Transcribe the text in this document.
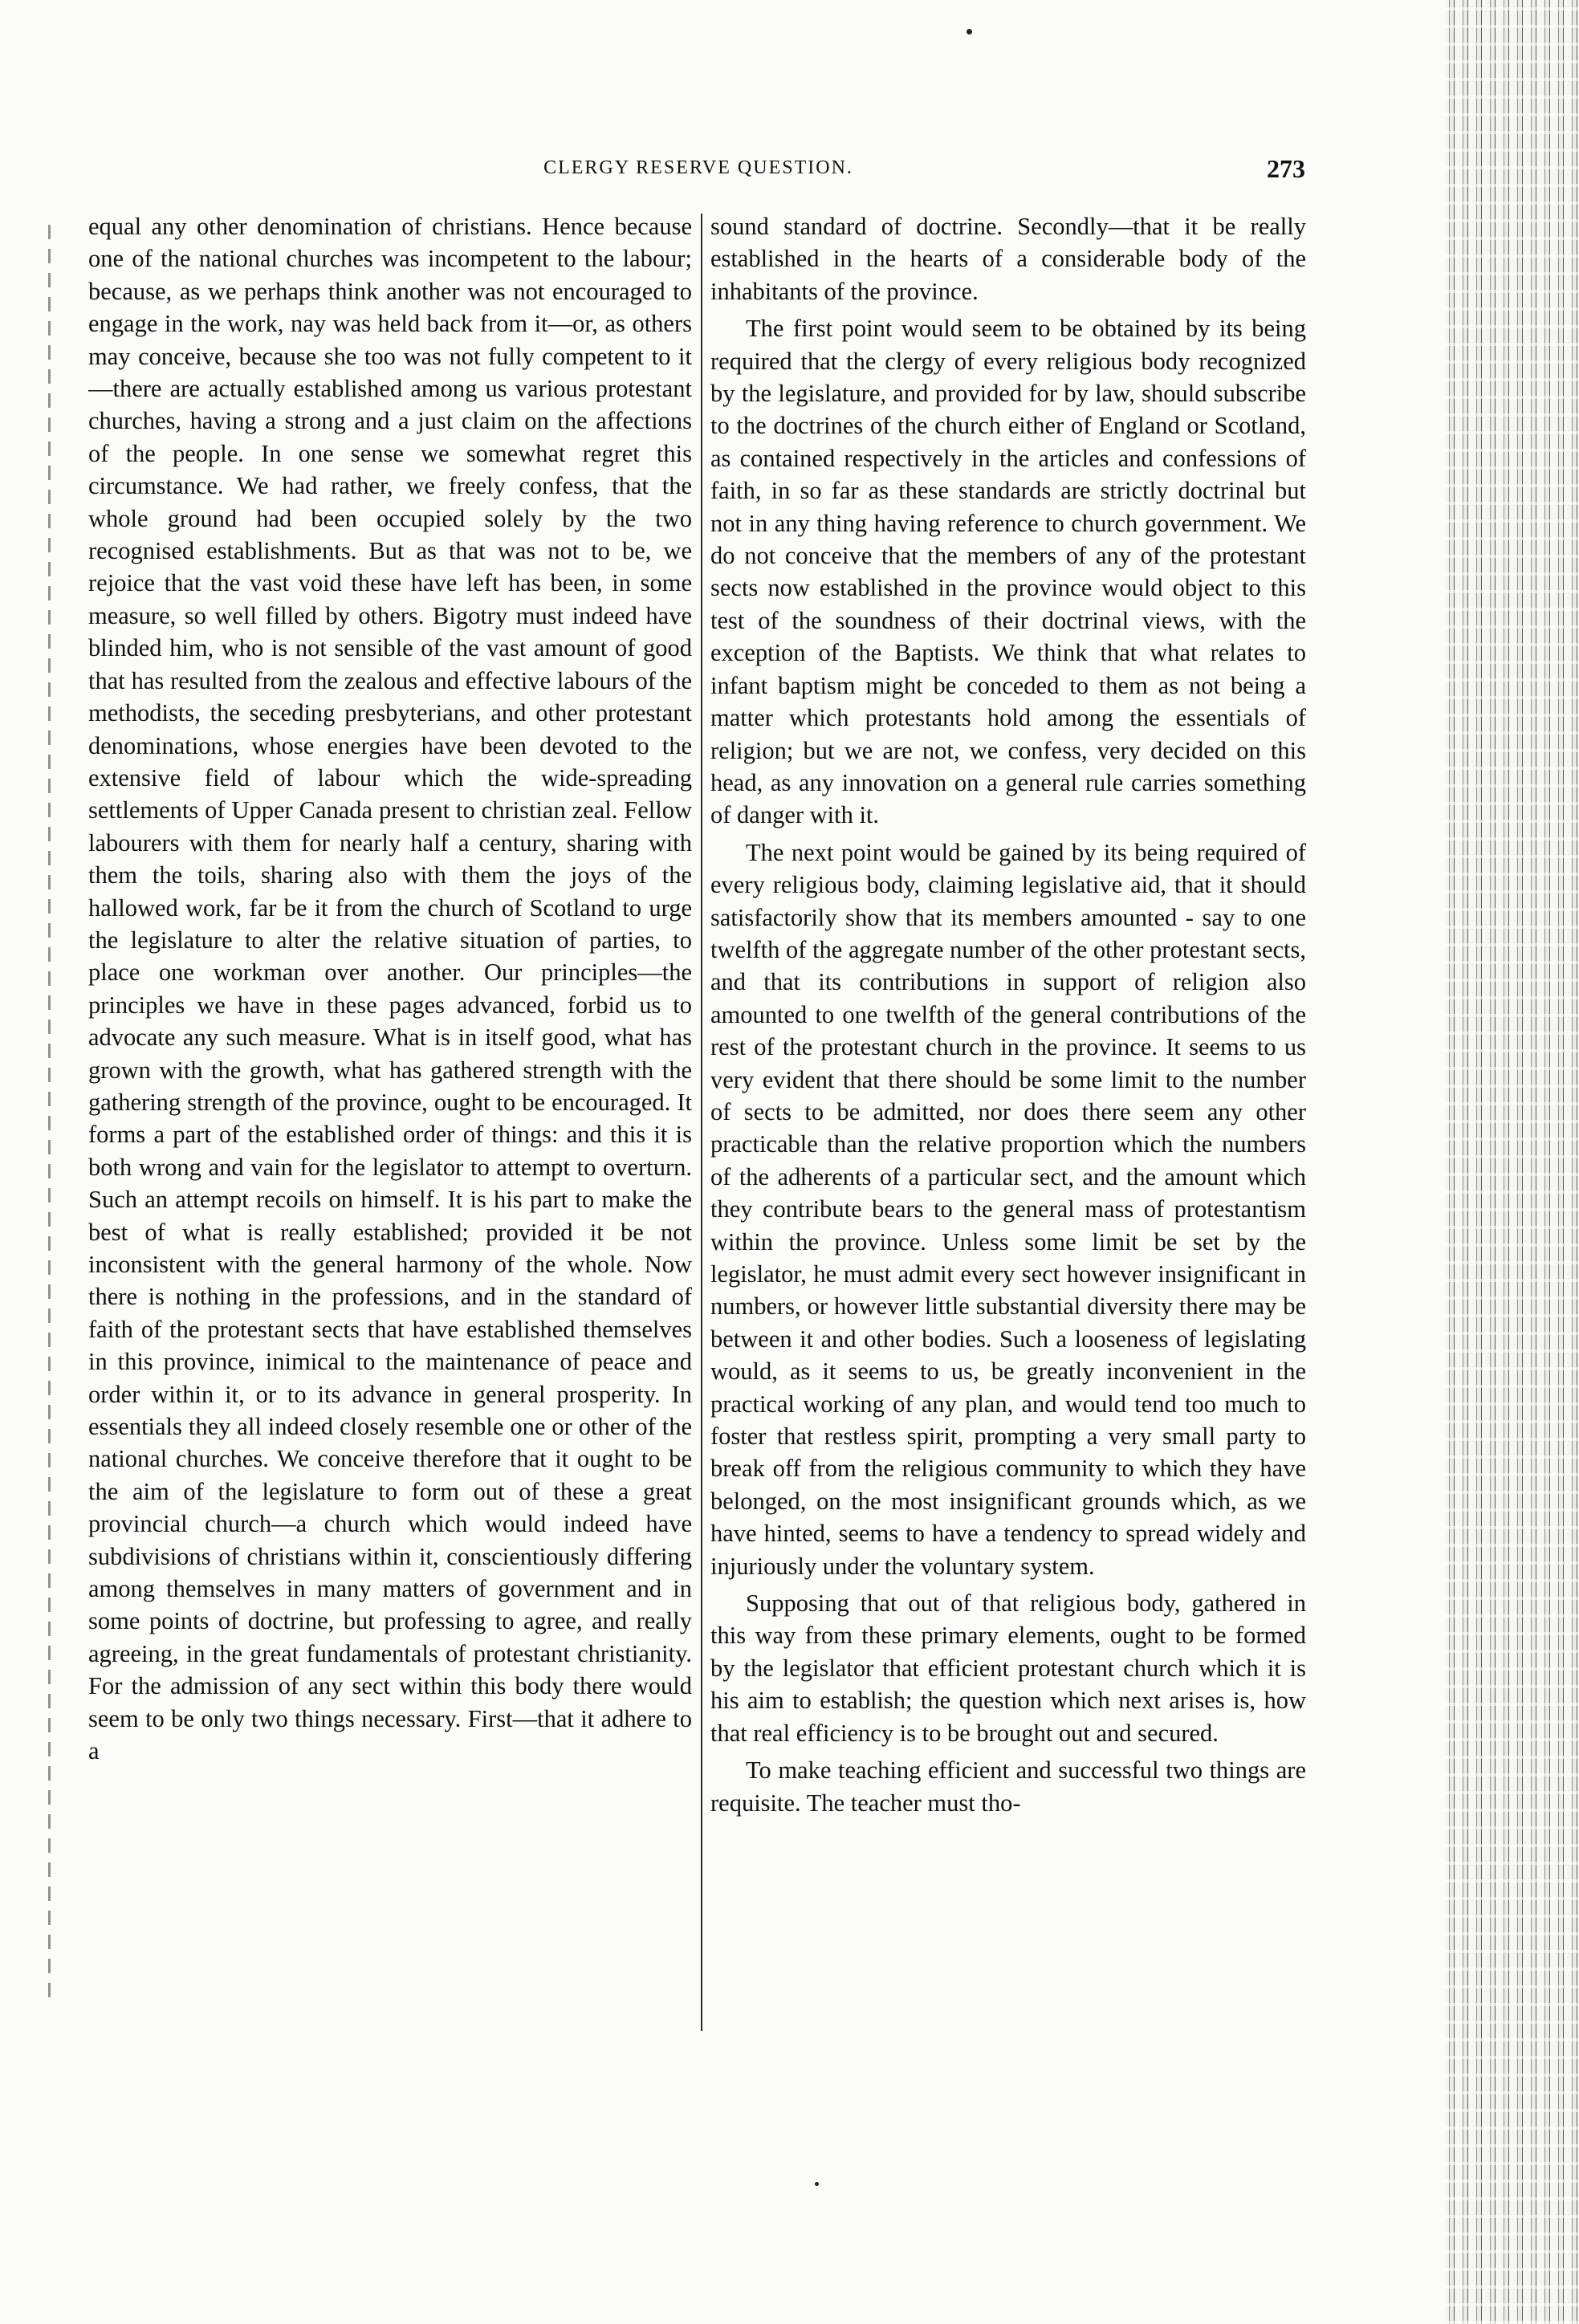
CLERGY RESERVE QUESTION.	273

equal any other denomination of christians. Hence because one of the national churches was incompetent to the labour; because, as we perhaps think another was not encouraged to engage in the work, nay was held back from it—or, as others may conceive, because she too was not fully competent to it—there are actually established among us various protestant churches, having a strong and a just claim on the affections of the people. In one sense we somewhat regret this circumstance. We had rather, we freely confess, that the whole ground had been occupied solely by the two recognised establishments. But as that was not to be, we rejoice that the vast void these have left has been, in some measure, so well filled by others. Bigotry must indeed have blinded him, who is not sensible of the vast amount of good that has resulted from the zealous and effective labours of the methodists, the seceding presbyterians, and other protestant denominations, whose energies have been devoted to the extensive field of labour which the wide-spreading settlements of Upper Canada present to christian zeal. Fellow labourers with them for nearly half a century, sharing with them the toils, sharing also with them the joys of the hallowed work, far be it from the church of Scotland to urge the legislature to alter the relative situation of parties, to place one workman over another. Our principles—the principles we have in these pages advanced, forbid us to advocate any such measure. What is in itself good, what has grown with the growth, what has gathered strength with the gathering strength of the province, ought to be encouraged. It forms a part of the established order of things: and this it is both wrong and vain for the legislator to attempt to overturn. Such an attempt recoils on himself. It is his part to make the best of what is really established; provided it be not inconsistent with the general harmony of the whole. Now there is nothing in the professions, and in the standard of faith of the protestant sects that have established themselves in this province, inimical to the maintenance of peace and order within it, or to its advance in general prosperity. In essentials they all indeed closely resemble one or other of the national churches. We conceive therefore that it ought to be the aim of the legislature to form out of these a great provincial church—a church which would indeed have subdivisions of christians within it, conscientiously differing among themselves in many matters of government and in some points of doctrine, but professing to agree, and really agreeing, in the great fundamentals of protestant christianity. For the admission of any sect within this body there would seem to be only two things necessary. First—that it adhere to a

sound standard of doctrine. Secondly—that it be really established in the hearts of a considerable body of the inhabitants of the province.

The first point would seem to be obtained by its being required that the clergy of every religious body recognized by the legislature, and provided for by law, should subscribe to the doctrines of the church either of England or Scotland, as contained respectively in the articles and confessions of faith, in so far as these standards are strictly doctrinal but not in any thing having reference to church government. We do not conceive that the members of any of the protestant sects now established in the province would object to this test of the soundness of their doctrinal views, with the exception of the Baptists. We think that what relates to infant baptism might be conceded to them as not being a matter which protestants hold among the essentials of religion; but we are not, we confess, very decided on this head, as any innovation on a general rule carries something of danger with it.

The next point would be gained by its being required of every religious body, claiming legislative aid, that it should satisfactorily show that its members amounted - say to one twelfth of the aggregate number of the other protestant sects, and that its contributions in support of religion also amounted to one twelfth of the general contributions of the rest of the protestant church in the province. It seems to us very evident that there should be some limit to the number of sects to be admitted, nor does there seem any other practicable than the relative proportion which the numbers of the adherents of a particular sect, and the amount which they contribute bears to the general mass of protestantism within the province. Unless some limit be set by the legislator, he must admit every sect however insignificant in numbers, or however little substantial diversity there may be between it and other bodies. Such a looseness of legislating would, as it seems to us, be greatly inconvenient in the practical working of any plan, and would tend too much to foster that restless spirit, prompting a very small party to break off from the religious community to which they have belonged, on the most insignificant grounds which, as we have hinted, seems to have a tendency to spread widely and injuriously under the voluntary system.

Supposing that out of that religious body, gathered in this way from these primary elements, ought to be formed by the legislator that efficient protestant church which it is his aim to establish; the question which next arises is, how that real efficiency is to be brought out and secured.

To make teaching efficient and successful two things are requisite. The teacher must tho-
